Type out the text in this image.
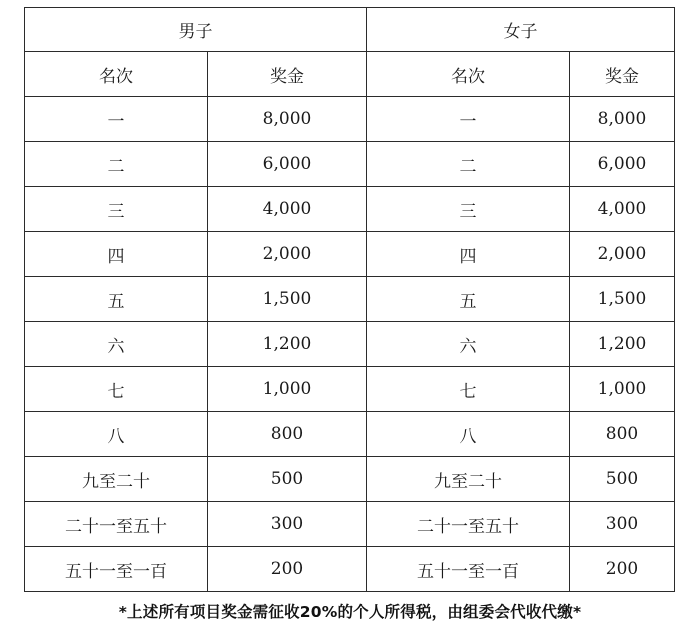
男子		女子	
名次	奖金	名次	奖金
一	8,000	一	8,000
二	6,000	二	6,000
三	4,000	三	4,000
四	2,000	四	2,000
五	1,500	五	1,500
六	1,200	六	1,200
七	1,000	七	1,000
八	800	八	800
九至二十	500	九至二十	500
二十一至五十	300	二十一至五十	300
五十一至一百	200	五十一至一百	200
*上述所有项目奖金需征收20%的个人所得税，由组委会代收代缴*
